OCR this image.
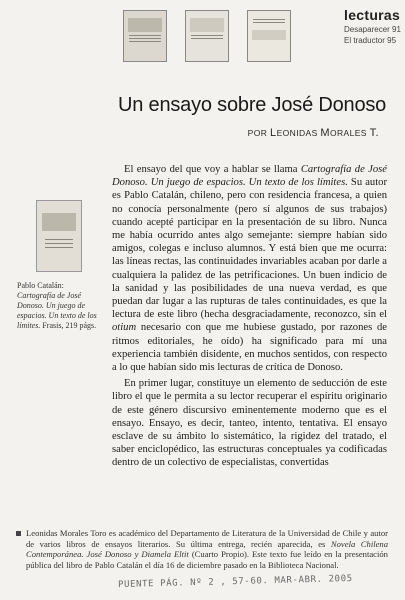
lecturas
Desaparecer 91
El traductor 95
Un ensayo sobre José Donoso
POR LEONIDAS MORALES T.
Pablo Catalán: Cartografía de José Donoso. Un juego de espacios. Un texto de los límites. Frasis, 219 págs.

El ensayo del que voy a hablar se llama Cartografía de José Donoso. Un juego de espacios. Un texto de los límites. Su autor es Pablo Catalán, chileno, pero con residencia francesa, a quien no conocía personalmente (pero sí algunos de sus trabajos) cuando acepté participar en la presentación de su libro. Nunca me había ocurrido antes algo semejante: siempre habían sido amigos, colegas e incluso alumnos. Y está bien que me ocurra: las líneas rectas, las continuidades invariables acaban por darle a cualquiera la palidez de las petrificaciones. Un buen indicio de la sanidad y las posibilidades de una nueva verdad, es que puedan dar lugar a las rupturas de tales continuidades, es que la lectura de este libro (hecha desgraciadamente, reconozco, sin el otium necesario con que me hubiese gustado, por razones de ritmos editoriales, he oído) ha significado para mí una experiencia también disidente, en muchos sentidos, con respecto a lo que habían sido mis lecturas de crítica de Donoso.

En primer lugar, constituye un elemento de seducción de este libro el que le permita a su lector recuperar el espíritu originario de este género discursivo eminentemente moderno que es el ensayo. Ensayo, es decir, tanteo, intento, tentativa. El ensayo esclave de su ámbito lo sistemático, la rigidez del tratado, el saber enciclopédico, las estructuras conceptuales ya codificadas dentro de un colectivo de especialistas, convertidas

Leonidas Morales Toro es académico del Departamento de Literatura de la Universidad de Chile y autor de varios libros de ensayos literarios. Su última entrega, recién aparecida, es Novela Chilena Contemporánea. José Donoso y Diamela Eltit (Cuarto Propio). Este texto fue leído en la presentación pública del libro de Pablo Catalán el día 16 de diciembre pasado en la Biblioteca Nacional.
PUENTE PÁG. Nº 2 , 57-60. MAR-ABR. 2005
